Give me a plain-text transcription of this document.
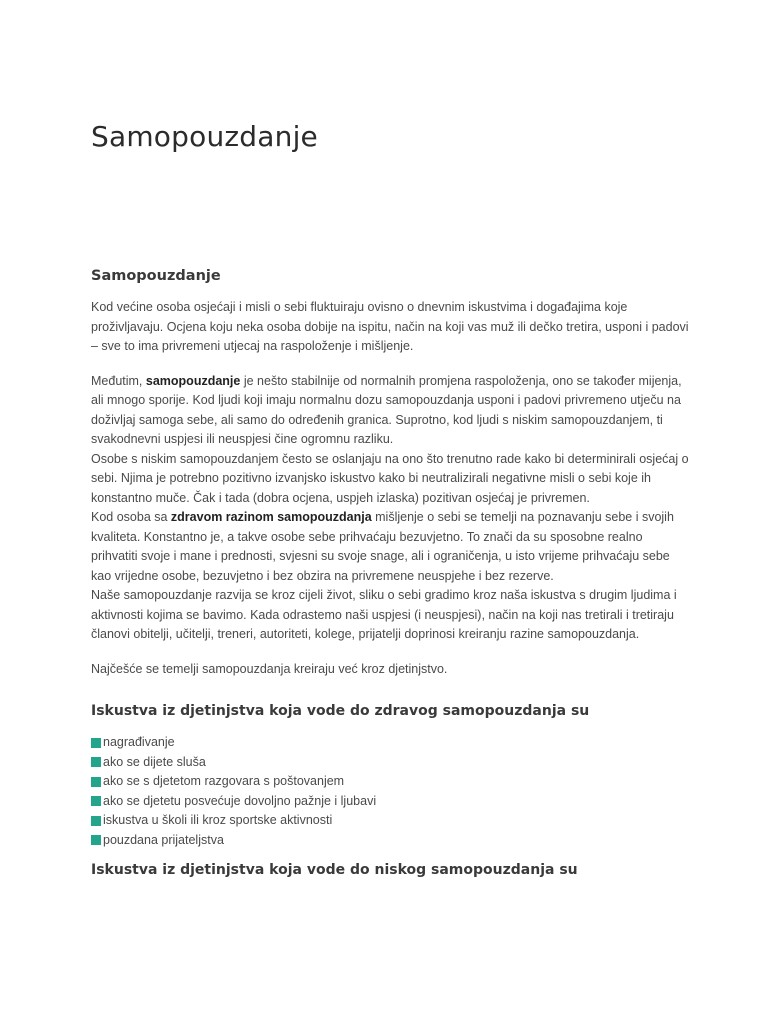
Samopouzdanje
Samopouzdanje

Kod većine osoba osjećaji i misli o sebi fluktuiraju ovisno o dnevnim iskustvima i događajima koje proživljavaju. Ocjena koju neka osoba dobije na ispitu, način na koji vas muž ili dečko tretira, usponi i padovi – sve to ima privremeni utjecaj na raspoloženje i mišljenje.

Međutim, samopouzdanje je nešto stabilnije od normalnih promjena raspoloženja, ono se također mijenja, ali mnogo sporije. Kod ljudi koji imaju normalnu dozu samopouzdanja usponi i padovi privremeno utječu na doživljaj samoga sebe, ali samo do određenih granica. Suprotno, kod ljudi s niskim samopouzdanjem, ti svakodnevni uspjesi ili neuspjesi čine ogromnu razliku.

Osobe s niskim samopouzdanjem često se oslanjaju na ono što trenutno rade kako bi determinirali osjećaj o sebi. Njima je potrebno pozitivno izvanjsko iskustvo kako bi neutralizirali negativne misli o sebi koje ih konstantno muče. Čak i tada (dobra ocjena, uspjeh izlaska) pozitivan osjećaj je privremen.

Kod osoba sa zdravom razinom samopouzdanja mišljenje o sebi se temelji na poznavanju sebe i svojih kvaliteta. Konstantno je, a takve osobe sebe prihvaćaju bezuvjetno. To znači da su sposobne realno prihvatiti svoje i mane i prednosti, svjesni su svoje snage, ali i ograničenja, u isto vrijeme prihvaćaju sebe kao vrijedne osobe, bezuvjetno i bez obzira na privremene neuspjehe i bez rezerve.

Naše samopouzdanje razvija se kroz cijeli život, sliku o sebi gradimo kroz naša iskustva s drugim ljudima i aktivnosti kojima se bavimo. Kada odrastemo naši uspjesi (i neuspjesi), način na koji nas tretirali i tretiraju članovi obitelji, učitelji, treneri, autoriteti, kolege, prijatelji doprinosi kreiranju razine samopouzdanja.

Najčešće se temelji samopouzdanja kreiraju već kroz djetinjstvo.

Iskustva iz djetinjstva koja vode do zdravog samopouzdanja su
nagrađivanje
ako se dijete sluša
ako se s djetetom razgovara s poštovanjem
ako se djetetu posvećuje dovoljno pažnje i ljubavi
iskustva u školi ili kroz sportske aktivnosti
pouzdana prijateljstva
Iskustva iz djetinjstva koja vode do niskog samopouzdanja su
